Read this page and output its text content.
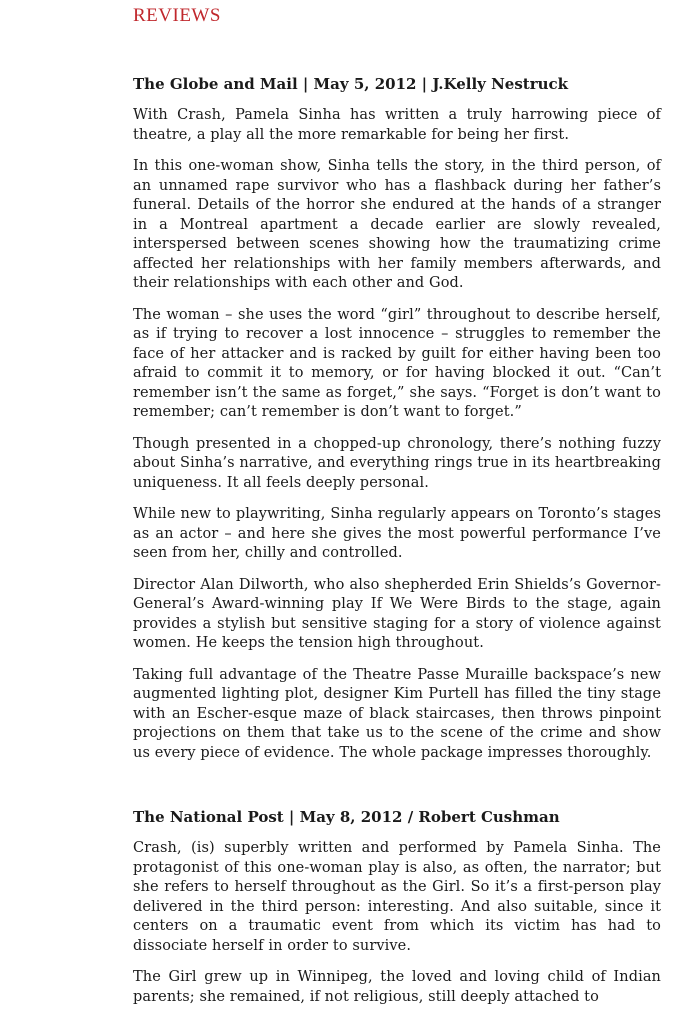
REVIEWS
The Globe and Mail | May 5, 2012 | J.Kelly Nestruck

With Crash, Pamela Sinha has written a truly harrowing piece of theatre, a play all the more remarkable for being her first.

In this one-woman show, Sinha tells the story, in the third person, of an unnamed rape survivor who has a flashback during her father’s funeral. Details of the horror she endured at the hands of a stranger in a Montreal apartment a decade earlier are slowly revealed, interspersed between scenes showing how the traumatizing crime affected her relationships with her family members afterwards, and their relationships with each other and God.

The woman – she uses the word “girl” throughout to describe herself, as if trying to recover a lost innocence – struggles to remember the face of her attacker and is racked by guilt for either having been too afraid to commit it to memory, or for having blocked it out. “Can’t remember isn’t the same as forget,” she says. “Forget is don’t want to remember; can’t remember is don’t want to forget.”

Though presented in a chopped-up chronology, there’s nothing fuzzy about Sinha’s narrative, and everything rings true in its heartbreaking uniqueness. It all feels deeply personal.

While new to playwriting, Sinha regularly appears on Toronto’s stages as an actor – and here she gives the most powerful performance I’ve seen from her, chilly and controlled.

Director Alan Dilworth, who also shepherded Erin Shields’s Governor-General’s Award-winning play If We Were Birds to the stage, again provides a stylish but sensitive staging for a story of violence against women. He keeps the tension high throughout.

Taking full advantage of the Theatre Passe Muraille backspace’s new augmented lighting plot, designer Kim Purtell has filled the tiny stage with an Escher-esque maze of black staircases, then throws pinpoint projections on them that take us to the scene of the crime and show us every piece of evidence. The whole package impresses thoroughly.

The National Post | May 8, 2012 / Robert Cushman

Crash, (is) superbly written and performed by Pamela Sinha. The protagonist of this one-woman play is also, as often, the narrator; but she refers to herself throughout as the Girl. So it’s a first-person play delivered in the third person: interesting. And also suitable, since it centers on a traumatic event from which its victim has had to dissociate herself in order to survive.

The Girl grew up in Winnipeg, the loved and loving child of Indian parents; she remained, if not religious, still deeply attached to
